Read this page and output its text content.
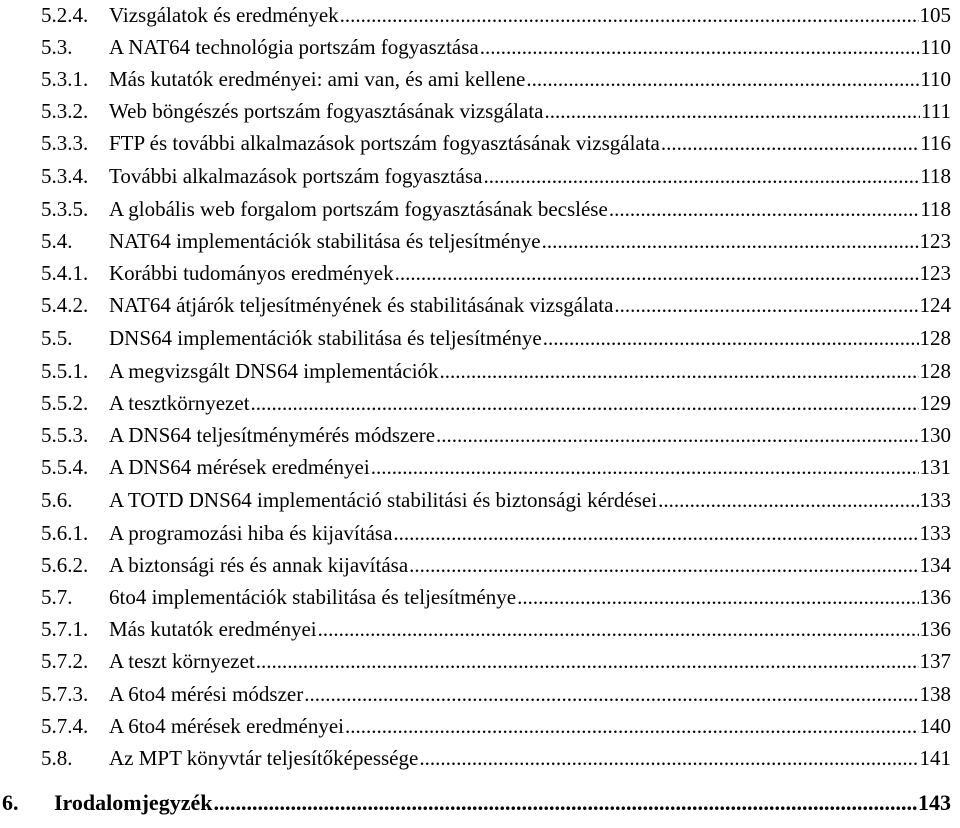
5.2.4. Vizsgálatok és eredmények .....	105
5.3.	A NAT64 technológia portszám fogyasztása .....	110
5.3.1. Más kutatók eredményei: ami van, és ami kellene .....	110
5.3.2. Web böngészés portszám fogyasztásának vizsgálata .....	111
5.3.3. FTP és további alkalmazások portszám fogyasztásának vizsgálata .....	116
5.3.4. További alkalmazások portszám fogyasztása .....	118
5.3.5. A globális web forgalom portszám fogyasztásának becslése .....	118
5.4.	NAT64 implementációk stabilitása és teljesítménye .....	123
5.4.1. Korábbi tudományos eredmények .....	123
5.4.2. NAT64 átjárók teljesítményének és stabilitásának vizsgálata .....	124
5.5.	DNS64 implementációk stabilitása és teljesítménye .....	128
5.5.1. A megvizsgált DNS64 implementációk .....	128
5.5.2. A tesztkörnyezet .....	129
5.5.3. A DNS64 teljesítménymérés módszere .....	130
5.5.4. A DNS64 mérések eredményei .....	131
5.6.	A TOTD DNS64 implementáció stabilitási és biztonsági kérdései .....	133
5.6.1. A programozási hiba és kijavítása .....	133
5.6.2. A biztonsági rés és annak kijavítása .....	134
5.7.	6to4 implementációk stabilitása és teljesítménye .....	136
5.7.1. Más kutatók eredményei .....	136
5.7.2. A teszt környezet .....	137
5.7.3. A 6to4 mérési módszer .....	138
5.7.4. A 6to4 mérések eredményei .....	140
5.8.	Az MPT könyvtár teljesítőképessége .....	141
6.	Irodalomjegyzék .....	143
